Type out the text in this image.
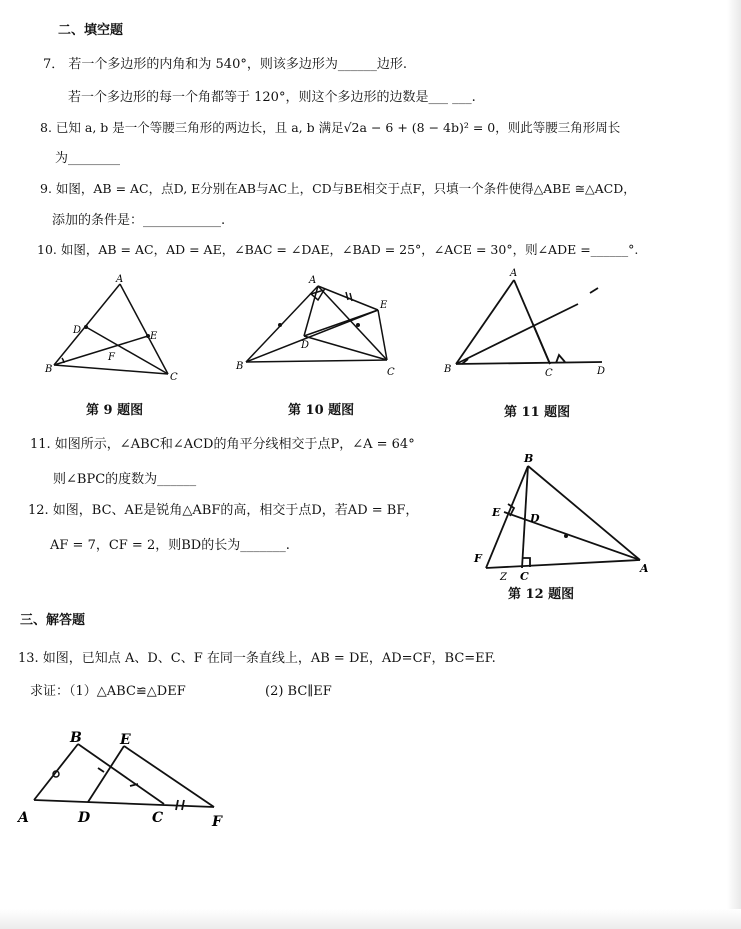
二、填空题
7． 若一个多边形的内角和为 540°，则该多边形为______边形.
若一个多边形的每一个角都等于 120°，则这个多边形的边数是___ ___.
8. 已知 a, b 是一个等腰三角形的两边长，且 a, b 满足√2a − 6 + (8 − 4b)² = 0，则此等腰三角形周长
为________
9. 如图，AB = AC，点D, E分别在AB与AC上，CD与BE相交于点F，只填一个条件使得△ABE ≅△ACD，
添加的条件是：____________.
10. 如图，AB = AC，AD = AE，∠BAC = ∠DAE，∠BAD = 25°，∠ACE = 30°，则∠ADE =______°.
A
B
C
D
E
F
第 9 题图
A
B
C
D
E
第 10 题图
A
B	C	D
第 11 题图
11. 如图所示，∠ABC和∠ACD的角平分线相交于点P，∠A = 64°
则∠BPC的度数为______
12. 如图，BC、AE是锐角△ABF的高，相交于点D，若AD = BF，
AF = 7，CF = 2，则BD的长为_______.
B
E	D
F
A
C
Z
第 12 题图
三、解答题
13. 如图，已知点 A、D、C、F 在同一条直线上，AB = DE，AD=CF，BC=EF.
求证：（1）△ABC≌△DEF	(2) BC∥EF
A
B	E
D	C	F
